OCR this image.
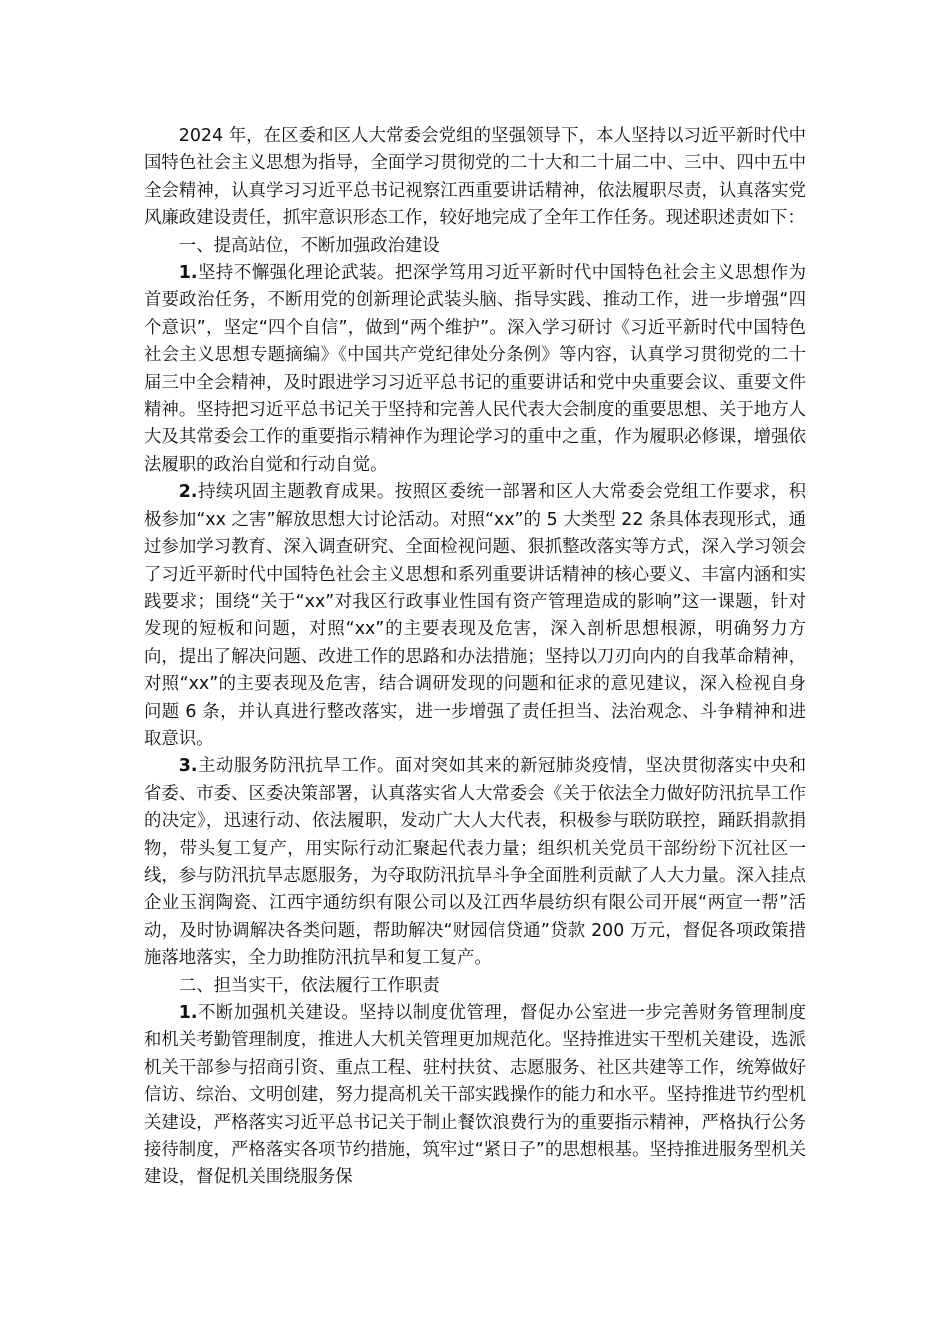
2024 年，在区委和区人大常委会党组的坚强领导下，本人坚持以习近平新时代中国特色社会主义思想为指导，全面学习贯彻党的二十大和二十届二中、三中、四中五中全会精神，认真学习习近平总书记视察江西重要讲话精神，依法履职尽责，认真落实党风廉政建设责任，抓牢意识形态工作，较好地完成了全年工作任务。现述职述责如下：

一、提高站位，不断加强政治建设

1.坚持不懈强化理论武装。把深学笃用习近平新时代中国特色社会主义思想作为首要政治任务，不断用党的创新理论武装头脑、指导实践、推动工作，进一步增强“四个意识”，坚定“四个自信”，做到“两个维护”。深入学习研讨《习近平新时代中国特色社会主义思想专题摘编》《中国共产党纪律处分条例》等内容，认真学习贯彻党的二十届三中全会精神，及时跟进学习习近平总书记的重要讲话和党中央重要会议、重要文件精神。坚持把习近平总书记关于坚持和完善人民代表大会制度的重要思想、关于地方人大及其常委会工作的重要指示精神作为理论学习的重中之重，作为履职必修课，增强依法履职的政治自觉和行动自觉。

2.持续巩固主题教育成果。按照区委统一部署和区人大常委会党组工作要求，积极参加“xx 之害”解放思想大讨论活动。对照“xx”的 5 大类型 22 条具体表现形式，通过参加学习教育、深入调查研究、全面检视问题、狠抓整改落实等方式，深入学习领会了习近平新时代中国特色社会主义思想和系列重要讲话精神的核心要义、丰富内涵和实践要求；围绕“关于“xx”对我区行政事业性国有资产管理造成的影响”这一课题，针对发现的短板和问题，对照“xx”的主要表现及危害，深入剖析思想根源，明确努力方向，提出了解决问题、改进工作的思路和办法措施；坚持以刀刃向内的自我革命精神，对照“xx”的主要表现及危害，结合调研发现的问题和征求的意见建议，深入检视自身问题 6 条，并认真进行整改落实，进一步增强了责任担当、法治观念、斗争精神和进取意识。

3.主动服务防汛抗旱工作。面对突如其来的新冠肺炎疫情，坚决贯彻落实中央和省委、市委、区委决策部署，认真落实省人大常委会《关于依法全力做好防汛抗旱工作的决定》，迅速行动、依法履职，发动广大人大代表，积极参与联防联控，踊跃捐款捐物，带头复工复产，用实际行动汇聚起代表力量；组织机关党员干部纷纷下沉社区一线，参与防汛抗旱志愿服务，为夺取防汛抗旱斗争全面胜利贡献了人大力量。深入挂点企业玉润陶瓷、江西宇通纺织有限公司以及江西华晨纺织有限公司开展“两宣一帮”活动，及时协调解决各类问题，帮助解决“财园信贷通”贷款 200 万元，督促各项政策措施落地落实，全力助推防汛抗旱和复工复产。

二、担当实干，依法履行工作职责

1.不断加强机关建设。坚持以制度优管理，督促办公室进一步完善财务管理制度和机关考勤管理制度，推进人大机关管理更加规范化。坚持推进实干型机关建设，选派机关干部参与招商引资、重点工程、驻村扶贫、志愿服务、社区共建等工作，统筹做好信访、综治、文明创建，努力提高机关干部实践操作的能力和水平。坚持推进节约型机关建设，严格落实习近平总书记关于制止餐饮浪费行为的重要指示精神，严格执行公务接待制度，严格落实各项节约措施，筑牢过“紧日子”的思想根基。坚持推进服务型机关建设，督促机关围绕服务保
